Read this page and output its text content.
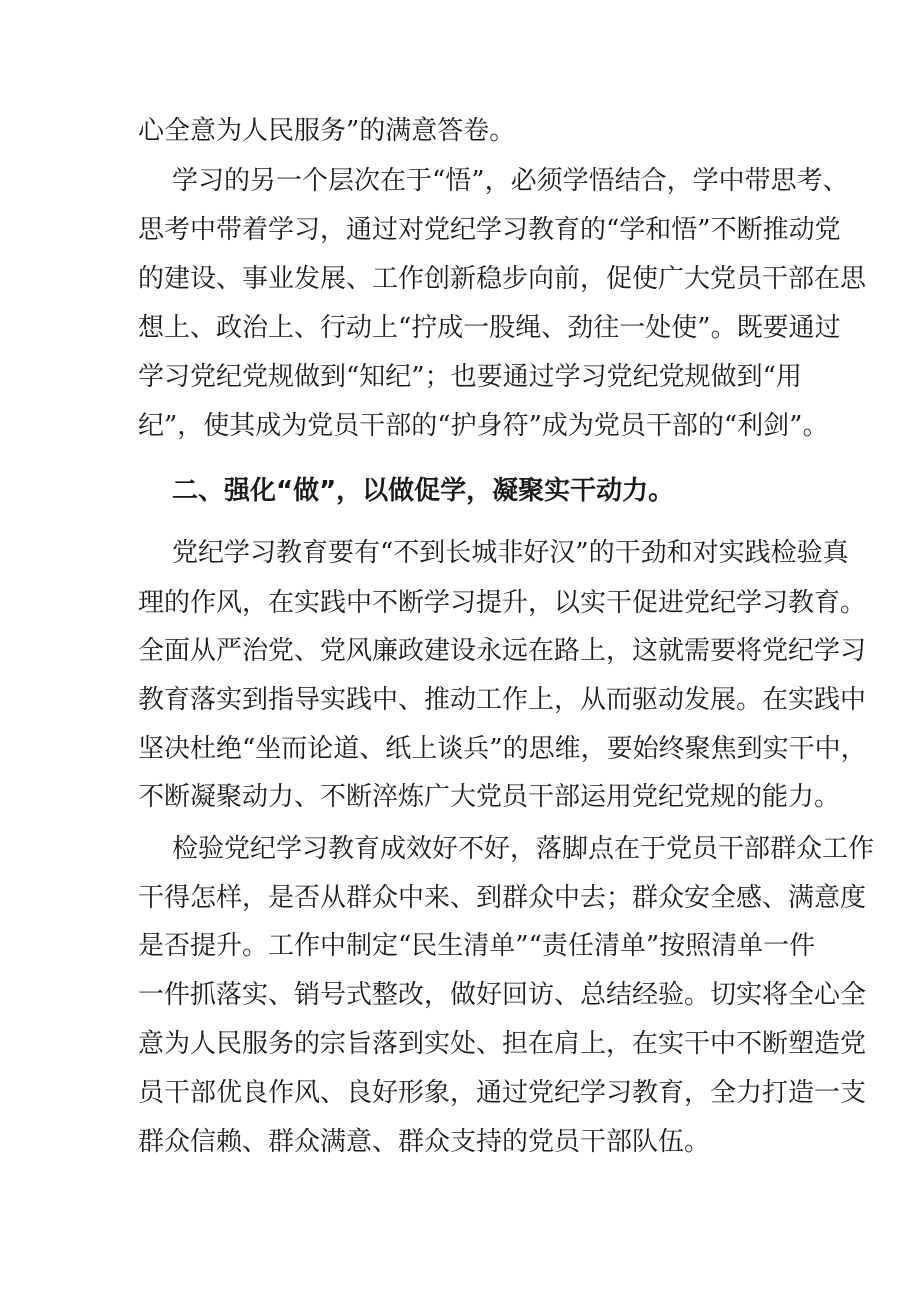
心全意为人民服务”的满意答卷。
学习的另一个层次在于“悟”，必须学悟结合，学中带思考、
思考中带着学习，通过对党纪学习教育的“学和悟”不断推动党
的建设、事业发展、工作创新稳步向前，促使广大党员干部在思
想上、政治上、行动上“拧成一股绳、劲往一处使”。既要通过
学习党纪党规做到“知纪”；也要通过学习党纪党规做到“用
纪”，使其成为党员干部的“护身符”成为党员干部的“利剑”。
二、强化“做”，以做促学，凝聚实干动力。
党纪学习教育要有“不到长城非好汉”的干劲和对实践检验真
理的作风，在实践中不断学习提升，以实干促进党纪学习教育。
全面从严治党、党风廉政建设永远在路上，这就需要将党纪学习
教育落实到指导实践中、推动工作上，从而驱动发展。在实践中
坚决杜绝“坐而论道、纸上谈兵”的思维，要始终聚焦到实干中，
不断凝聚动力、不断淬炼广大党员干部运用党纪党规的能力。
检验党纪学习教育成效好不好，落脚点在于党员干部群众工作
干得怎样，是否从群众中来、到群众中去；群众安全感、满意度
是否提升。工作中制定“民生清单”“责任清单”按照清单一件
一件抓落实、销号式整改，做好回访、总结经验。切实将全心全
意为人民服务的宗旨落到实处、担在肩上，在实干中不断塑造党
员干部优良作风、良好形象，通过党纪学习教育，全力打造一支
群众信赖、群众满意、群众支持的党员干部队伍。
